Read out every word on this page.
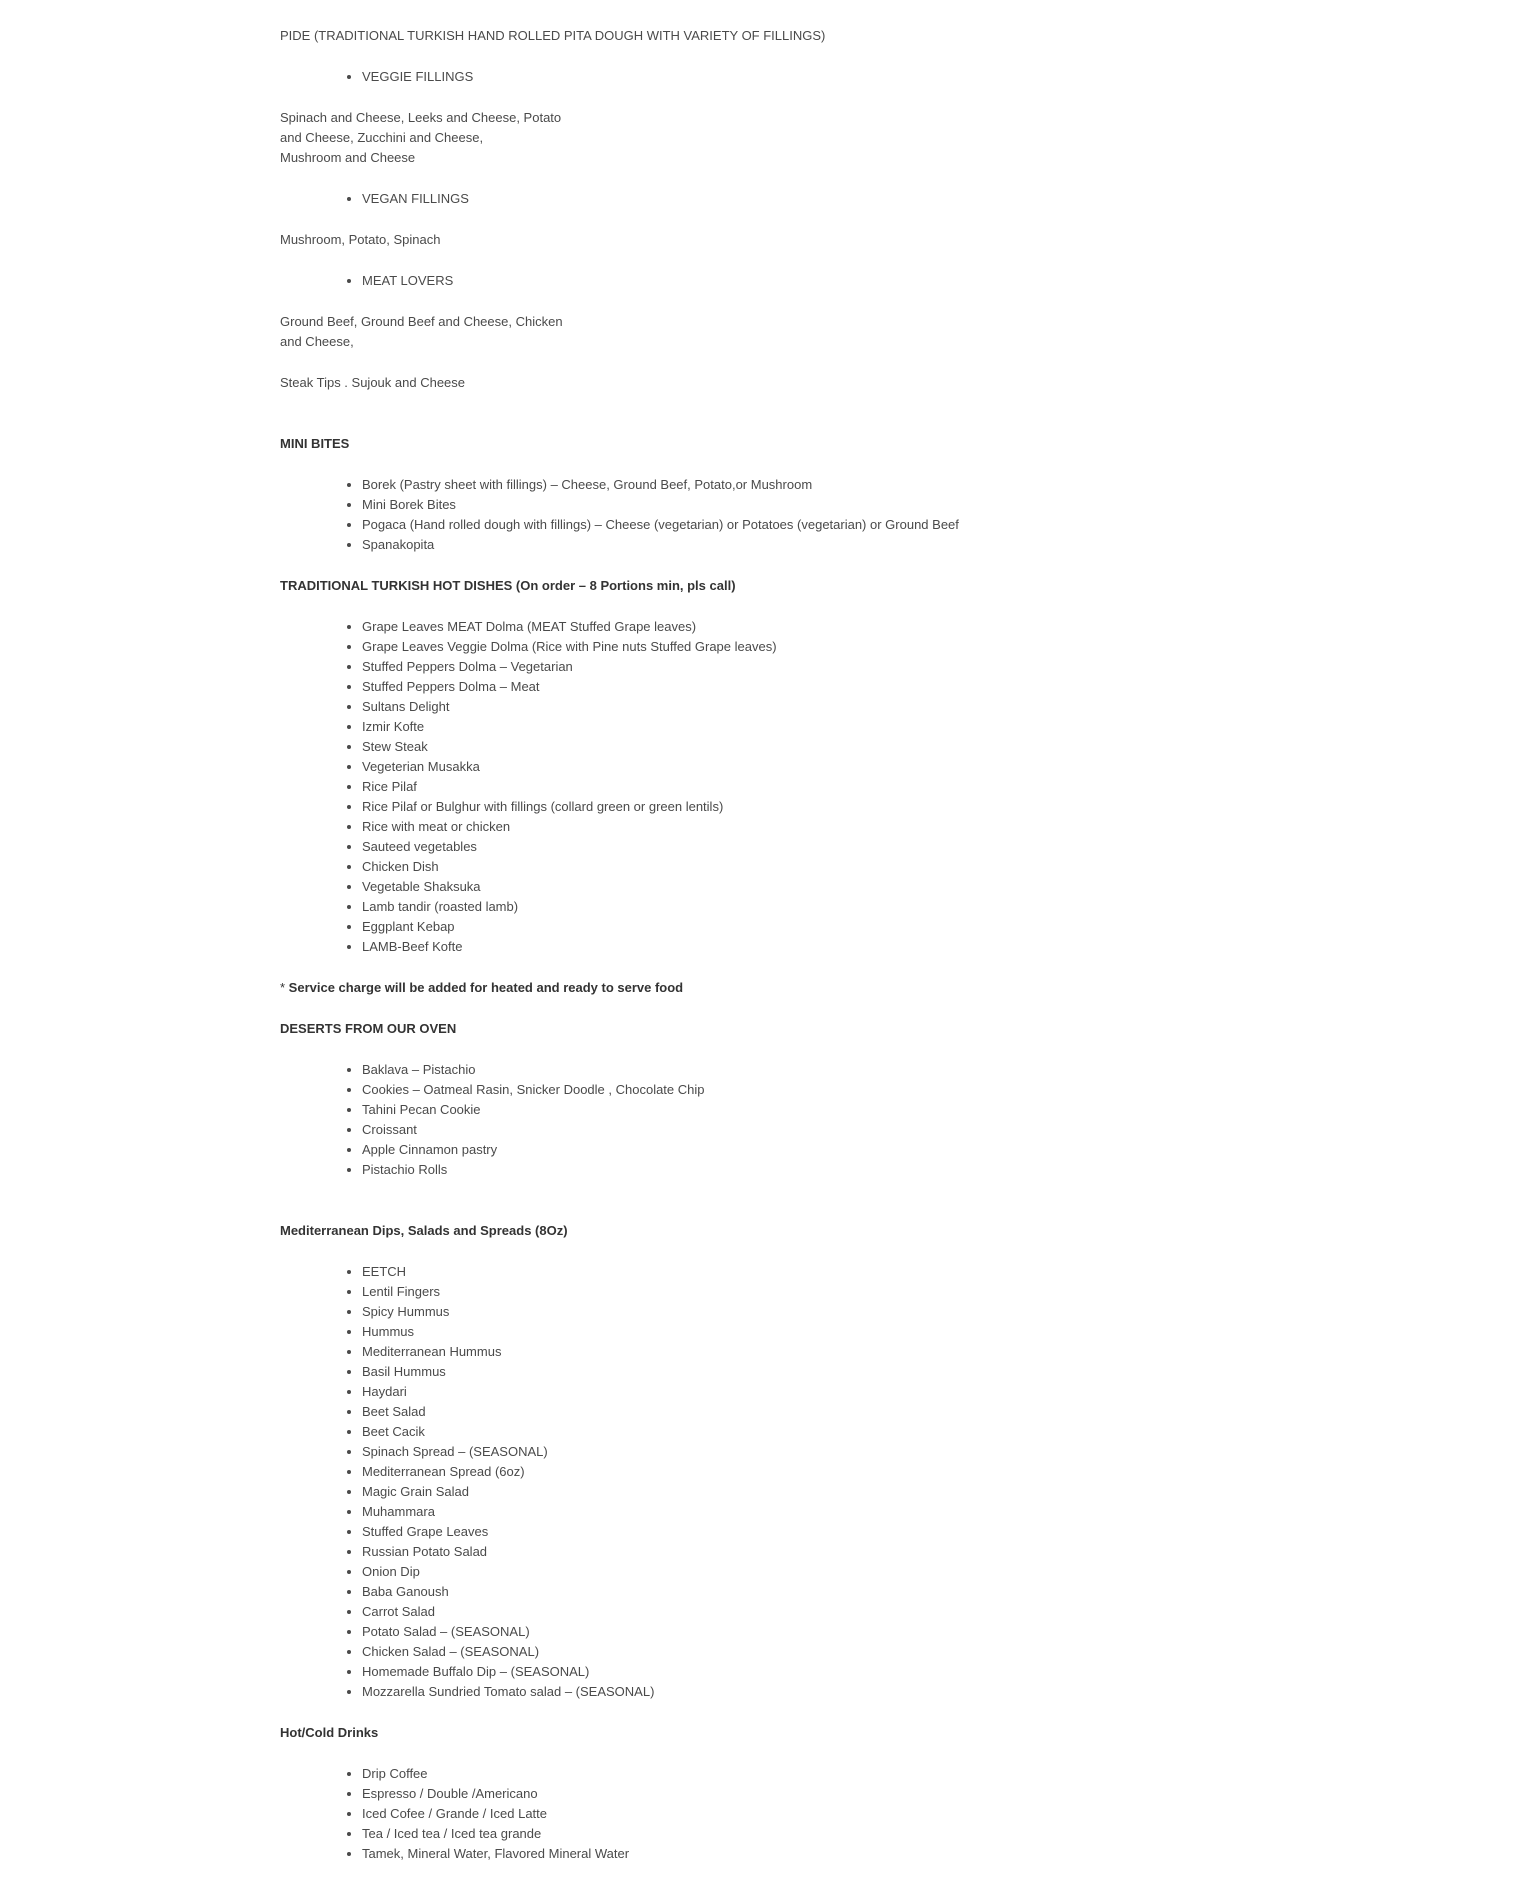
PIDE (TRADITIONAL TURKISH HAND ROLLED PITA DOUGH WITH VARIETY OF FILLINGS)

• VEGGIE FILLINGS

Spinach and Cheese, Leeks and Cheese, Potato

and Cheese, Zucchini and Cheese,

Mushroom and Cheese

• VEGAN FILLINGS

Mushroom, Potato, Spinach

• MEAT LOVERS

Ground Beef, Ground Beef and Cheese, Chicken

and Cheese,

Steak Tips . Sujouk and Cheese

MINI BITES

• Borek (Pastry sheet with fillings) – Cheese, Ground Beef, Potato,or Mushroom
• Mini Borek Bites
• Pogaca (Hand rolled dough with fillings) – Cheese (vegetarian) or Potatoes (vegetarian) or Ground Beef
• Spanakopita

TRADITIONAL TURKISH HOT DISHES (On order – 8 Portions min, pls call)

• Grape Leaves MEAT Dolma (MEAT Stuffed Grape leaves)
• Grape Leaves Veggie Dolma (Rice with Pine nuts Stuffed Grape leaves)
• Stuffed Peppers Dolma – Vegetarian
• Stuffed Peppers Dolma – Meat
• Sultans Delight
• Izmir Kofte
• Stew Steak
• Vegeterian Musakka
• Rice Pilaf
• Rice Pilaf or Bulghur with fillings (collard green or green lentils)
• Rice with meat or chicken
• Sauteed vegetables
• Chicken Dish
• Vegetable Shaksuka
• Lamb tandir (roasted lamb)
• Eggplant Kebap
• LAMB-Beef Kofte

* Service charge will be added for heated and ready to serve food

DESERTS FROM OUR OVEN

• Baklava – Pistachio
• Cookies – Oatmeal Rasin, Snicker Doodle , Chocolate Chip
• Tahini Pecan Cookie
• Croissant
• Apple Cinnamon pastry
• Pistachio Rolls

Mediterranean Dips, Salads and Spreads (8Oz)

• EETCH
• Lentil Fingers
• Spicy Hummus
• Hummus
• Mediterranean Hummus
• Basil Hummus
• Haydari
• Beet Salad
• Beet Cacik
• Spinach Spread – (SEASONAL)
• Mediterranean Spread (6oz)
• Magic Grain Salad
• Muhammara
• Stuffed Grape Leaves
• Russian Potato Salad
• Onion Dip
• Baba Ganoush
• Carrot Salad
• Potato Salad – (SEASONAL)
• Chicken Salad – (SEASONAL)
• Homemade Buffalo Dip – (SEASONAL)
• Mozzarella Sundried Tomato salad – (SEASONAL)

Hot/Cold Drinks

• Drip Coffee
• Espresso / Double /Americano
• Iced Cofee / Grande / Iced Latte
• Tea / Iced tea / Iced tea grande
• Tamek, Mineral Water, Flavored Mineral Water
